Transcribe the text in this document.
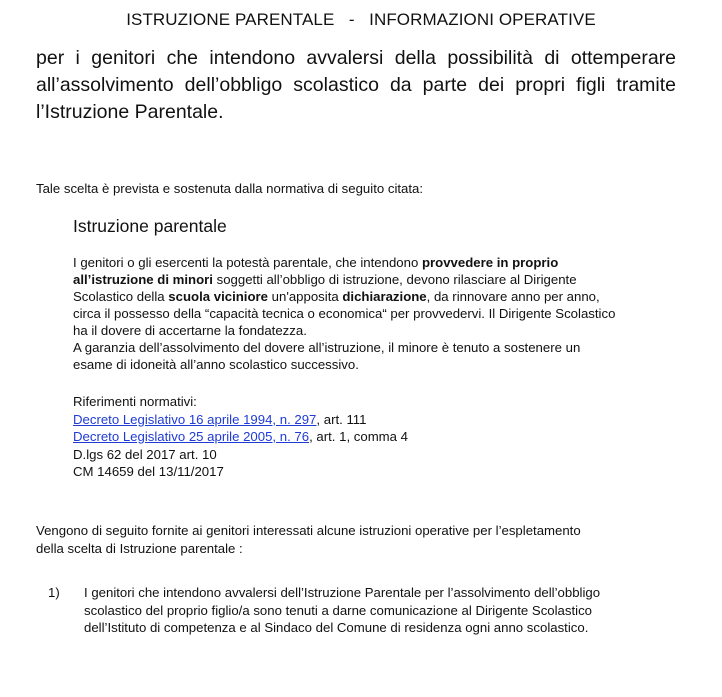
ISTRUZIONE PARENTALE   -   INFORMAZIONI OPERATIVE
per i genitori che intendono avvalersi della possibilità di ottemperare
all’assolvimento dell’obbligo scolastico da parte dei propri figli tramite
l’Istruzione Parentale.

Tale scelta è prevista e sostenuta dalla normativa di seguito citata:

Istruzione parentale
I genitori o gli esercenti la potestà parentale, che intendono provvedere in proprio
all’istruzione di minori soggetti all’obbligo di istruzione, devono rilasciare al Dirigente
Scolastico della scuola viciniore un'apposita dichiarazione, da rinnovare anno per anno,
circa il possesso della “capacità tecnica o economica“ per provvedervi. Il Dirigente Scolastico
ha il dovere di accertarne la fondatezza.
A garanzia dell’assolvimento del dovere all’istruzione, il minore è tenuto a sostenere un
esame di idoneità all’anno scolastico successivo.
Riferimenti normativi:
Decreto Legislativo 16 aprile 1994, n. 297, art. 111
Decreto Legislativo 25 aprile 2005, n. 76, art. 1, comma 4
D.lgs 62 del 2017 art. 10
CM 14659 del 13/11/2017
Vengono di seguito fornite ai genitori interessati alcune istruzioni operative per l’espletamento
della scelta di Istruzione parentale :
1) I genitori che intendono avvalersi dell’Istruzione Parentale per l’assolvimento dell’obbligo
scolastico del proprio figlio/a sono tenuti a darne comunicazione al Dirigente Scolastico
dell’Istituto di competenza e al Sindaco del Comune di residenza ogni anno scolastico.
